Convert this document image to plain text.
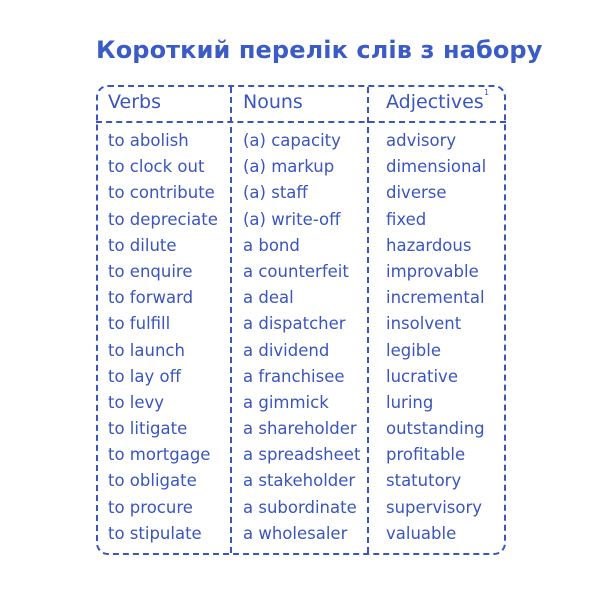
Короткий перелік слів з набору
1
Verbs	Nouns	Adjectives
to abolish
to clock out
to contribute
to depreciate
to dilute
to enquire
to forward
to fulfill
to launch
to lay off
to levy
to litigate
to mortgage
to obligate
to procure
to stipulate
(a) capacity
(a) markup
(a) staff
(a) write-off
a bond
a counterfeit
a deal
a dispatcher
a dividend
a franchisee
a gimmick
a shareholder
a spreadsheet
a stakeholder
a subordinate
a wholesaler
advisory
dimensional
diverse
fixed
hazardous
improvable
incremental
insolvent
legible
lucrative
luring
outstanding
profitable
statutory
supervisory
valuable
